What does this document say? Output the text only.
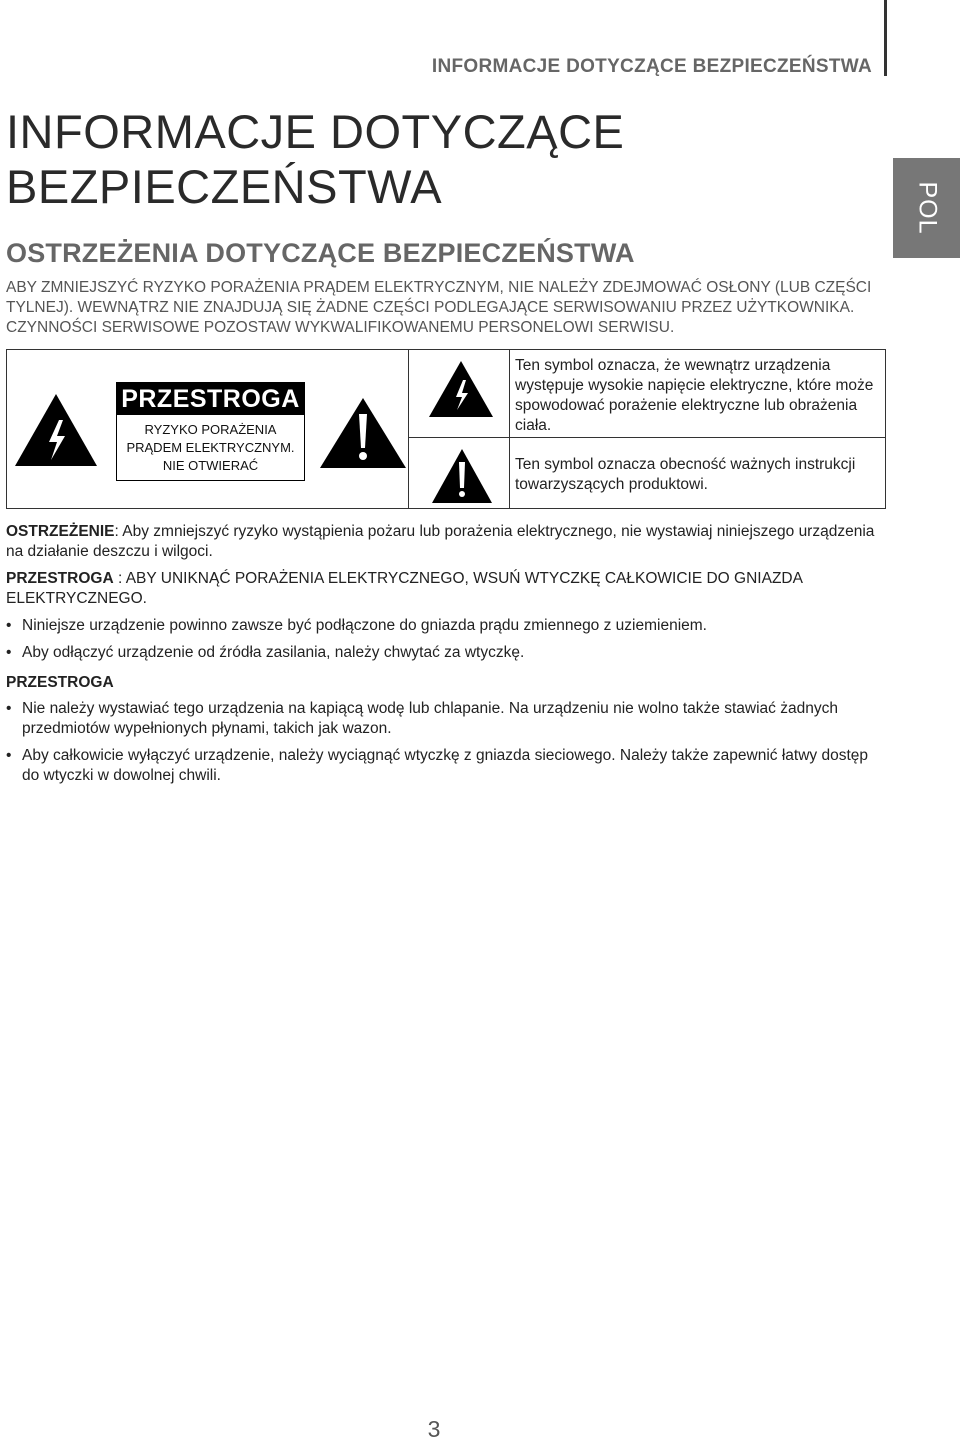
INFORMACJE DOTYCZĄCE BEZPIECZEŃSTWA
INFORMACJE DOTYCZĄCE
BEZPIECZEŃSTWA	POL
OSTRZEŻENIA DOTYCZĄCE BEZPIECZEŃSTWA

ABY ZMNIEJSZYĆ RYZYKO PORAŻENIA PRĄDEM ELEKTRYCZNYM, NIE NALEŻY ZDEJMOWAĆ OSŁONY (LUB CZĘŚCI TYLNEJ). WEWNĄTRZ NIE ZNAJDUJĄ SIĘ ŻADNE CZĘŚCI PODLEGAJĄCE SERWISOWANIU PRZEZ UŻYTKOWNIKA. CZYNNOŚCI SERWISOWE POZOSTAW WYKWALIFIKOWANEMU PERSONELOWI SERWISU.

PRZESTROGA
RYZYKO PORAŻENIA
PRĄDEM ELEKTRYCZNYM.
NIE OTWIERAĆ

Ten symbol oznacza, że wewnątrz urządzenia występuje wysokie napięcie elektryczne, które może spowodować porażenie elektryczne lub obrażenia ciała.

Ten symbol oznacza obecność ważnych instrukcji towarzyszących produktowi.

OSTRZEŻENIE: Aby zmniejszyć ryzyko wystąpienia pożaru lub porażenia elektrycznego, nie wystawiaj niniejszego urządzenia na działanie deszczu i wilgoci.

PRZESTROGA : ABY UNIKNĄĆ PORAŻENIA ELEKTRYCZNEGO, WSUŃ WTYCZKĘ CAŁKOWICIE DO GNIAZDA ELEKTRYCZNEGO.

• Niniejsze urządzenie powinno zawsze być podłączone do gniazda prądu zmiennego z uziemieniem.

• Aby odłączyć urządzenie od źródła zasilania, należy chwytać za wtyczkę.

PRZESTROGA

• Nie należy wystawiać tego urządzenia na kapiącą wodę lub chlapanie. Na urządzeniu nie wolno także stawiać żadnych przedmiotów wypełnionych płynami, takich jak wazon.

• Aby całkowicie wyłączyć urządzenie, należy wyciągnąć wtyczkę z gniazda sieciowego. Należy także zapewnić łatwy dostęp do wtyczki w dowolnej chwili.

3
